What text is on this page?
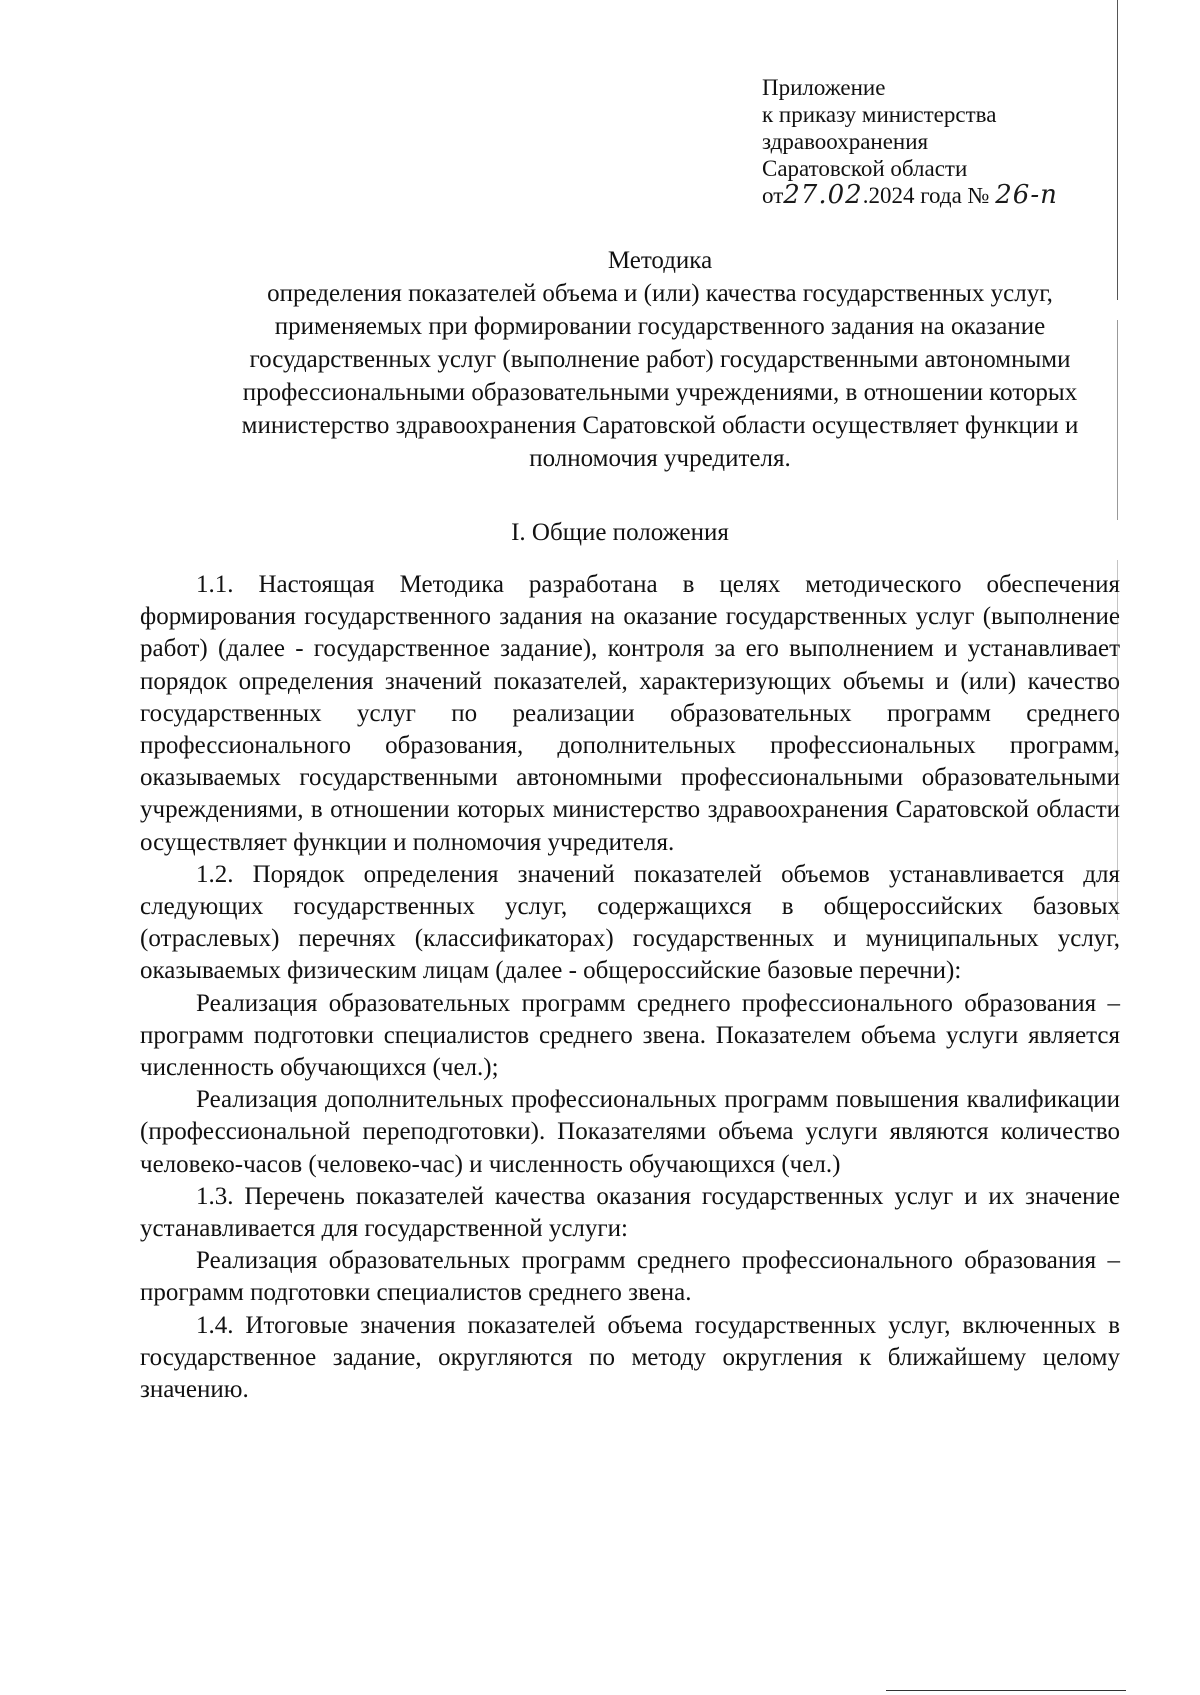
Приложение
к приказу министерства
здравоохранения
Саратовской области
от27.02.2024 года № 26-п
Методика
определения показателей объема и (или) качества государственных услуг, применяемых при формировании государственного задания на оказание государственных услуг (выполнение работ) государственными автономными профессиональными образовательными учреждениями, в отношении которых министерство здравоохранения Саратовской области осуществляет функции и полномочия учредителя.
I. Общие положения

1.1. Настоящая Методика разработана в целях методического обеспечения формирования государственного задания на оказание государственных услуг (выполнение работ) (далее - государственное задание), контроля за его выполнением и устанавливает порядок определения значений показателей, характеризующих объемы и (или) качество государственных услуг по реализации образовательных программ среднего профессионального образования, дополнительных профессиональных программ, оказываемых государственными автономными профессиональными образовательными учреждениями, в отношении которых министерство здравоохранения Саратовской области осуществляет функции и полномочия учредителя.

1.2. Порядок определения значений показателей объемов устанавливается для следующих государственных услуг, содержащихся в общероссийских базовых (отраслевых) перечнях (классификаторах) государственных и муниципальных услуг, оказываемых физическим лицам (далее - общероссийские базовые перечни):

Реализация образовательных программ среднего профессионального образования – программ подготовки специалистов среднего звена. Показателем объема услуги является численность обучающихся (чел.);

Реализация дополнительных профессиональных программ повышения квалификации (профессиональной переподготовки). Показателями объема услуги являются количество человеко-часов (человеко-час) и численность обучающихся (чел.)

1.3. Перечень показателей качества оказания государственных услуг и их значение устанавливается для государственной услуги:

Реализация образовательных программ среднего профессионального образования – программ подготовки специалистов среднего звена.

1.4. Итоговые значения показателей объема государственных услуг, включенных в государственное задание, округляются по методу округления к ближайшему целому значению.
